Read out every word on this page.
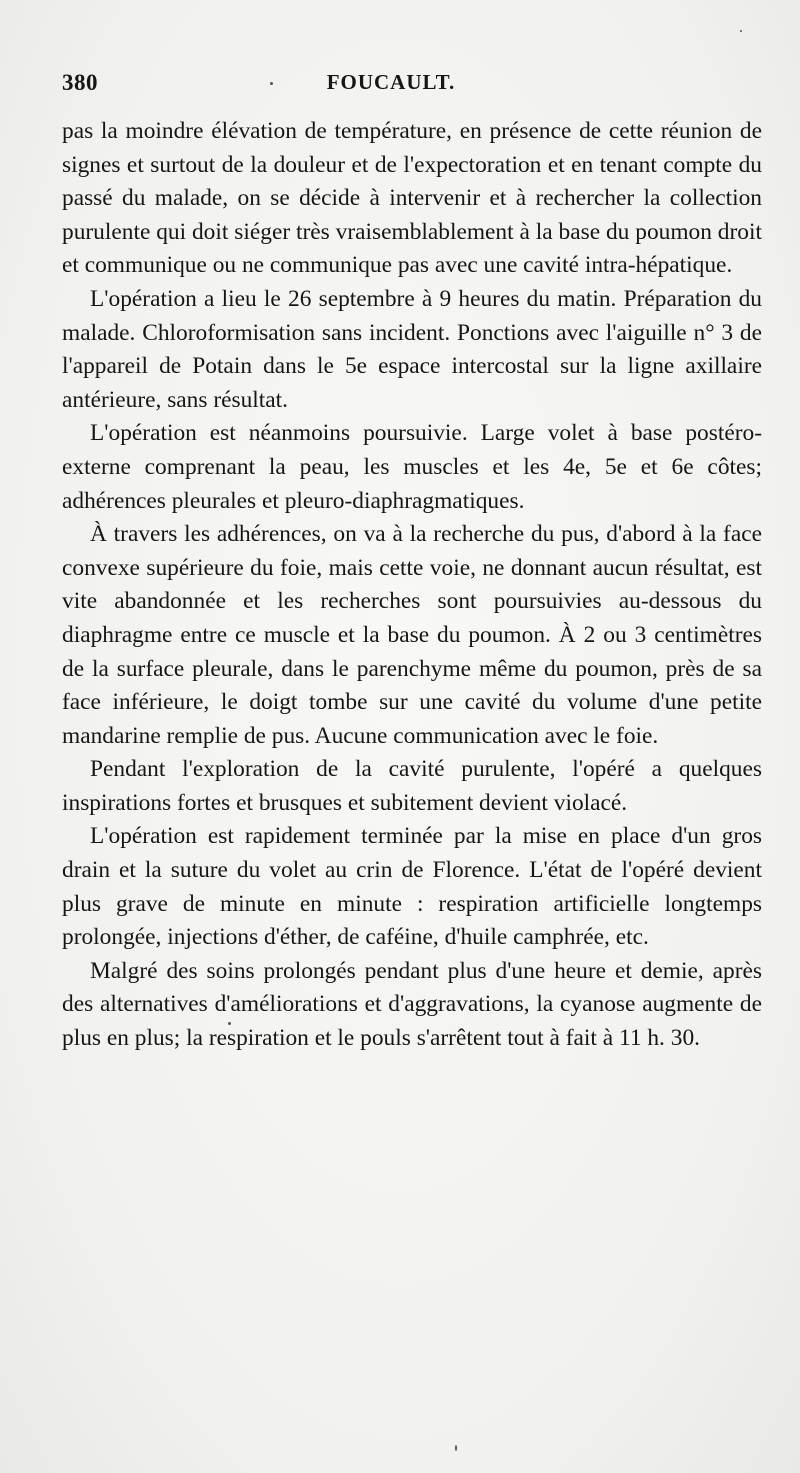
380	FOUCAULT.

pas la moindre élévation de température, en présence de cette réunion de signes et surtout de la douleur et de l'expectoration et en tenant compte du passé du malade, on se décide à intervenir et à rechercher la collection purulente qui doit siéger très vraisemblablement à la base du poumon droit et communique ou ne communique pas avec une cavité intra-hépatique.

L'opération a lieu le 26 septembre à 9 heures du matin. Préparation du malade. Chloroformisation sans incident. Ponctions avec l'aiguille n° 3 de l'appareil de Potain dans le 5e espace intercostal sur la ligne axillaire antérieure, sans résultat.

L'opération est néanmoins poursuivie. Large volet à base postéro-externe comprenant la peau, les muscles et les 4e, 5e et 6e côtes; adhérences pleurales et pleuro-diaphragmatiques.

À travers les adhérences, on va à la recherche du pus, d'abord à la face convexe supérieure du foie, mais cette voie, ne donnant aucun résultat, est vite abandonnée et les recherches sont poursuivies au-dessous du diaphragme entre ce muscle et la base du poumon. À 2 ou 3 centimètres de la surface pleurale, dans le parenchyme même du poumon, près de sa face inférieure, le doigt tombe sur une cavité du volume d'une petite mandarine remplie de pus. Aucune communication avec le foie.

Pendant l'exploration de la cavité purulente, l'opéré a quelques inspirations fortes et brusques et subitement devient violacé.

L'opération est rapidement terminée par la mise en place d'un gros drain et la suture du volet au crin de Florence. L'état de l'opéré devient plus grave de minute en minute : respiration artificielle longtemps prolongée, injections d'éther, de caféine, d'huile camphrée, etc.

Malgré des soins prolongés pendant plus d'une heure et demie, après des alternatives d'améliorations et d'aggravations, la cyanose augmente de plus en plus; la respiration et le pouls s'arrêtent tout à fait à 11 h. 30.
